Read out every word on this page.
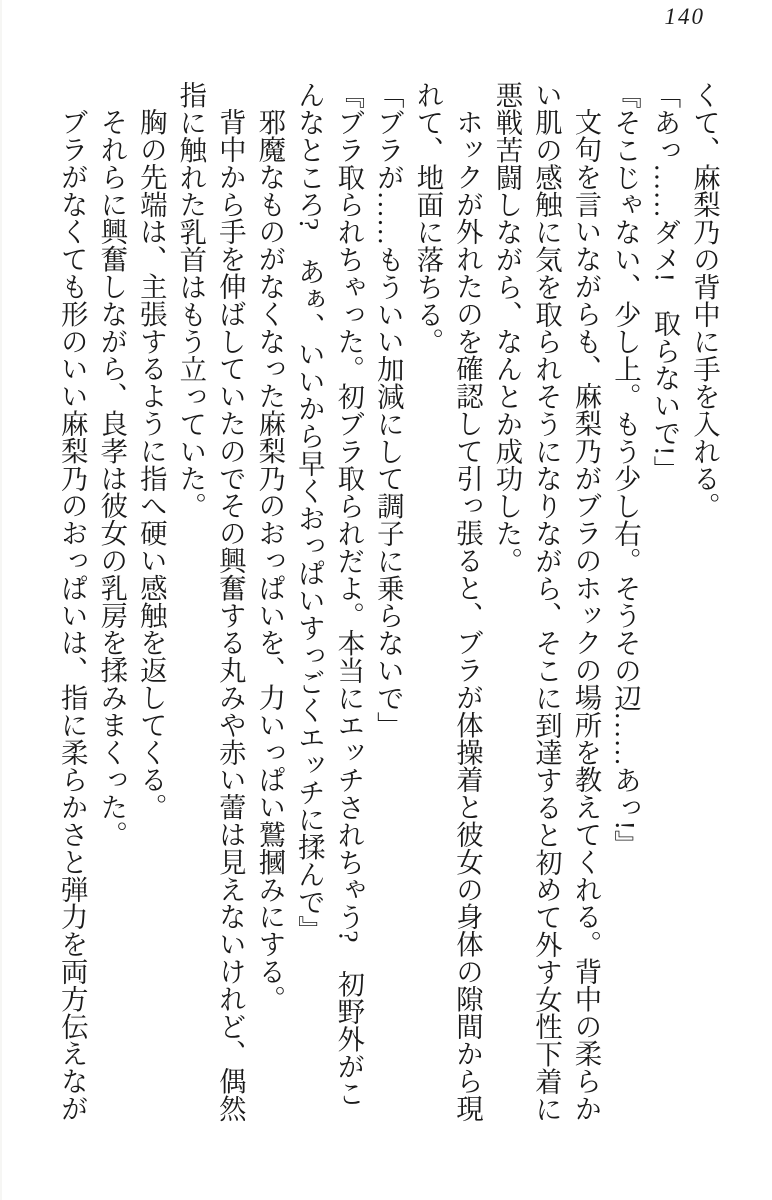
140

くて、麻梨乃の背中に手を入れる。

「あっ……ダメ!　取らないで!」

『そこじゃない、少し上。もう少し右。そうその辺……あっ!』

文句を言いながらも、麻梨乃がブラのホックの場所を教えてくれる。背中の柔らかい肌の感触に気を取られそうになりながら、そこに到達すると初めて外す女性下着に悪戦苦闘しながら、なんとか成功した。

ホックが外れたのを確認して引っ張ると、ブラが体操着と彼女の身体の隙間から現れて、地面に落ちる。

「ブラが……もういい加減にして調子に乗らないで」

『ブラ取られちゃった。初ブラ取られだよ。本当にエッチされちゃう?　初野外がこんなところ?　あぁ、いいから早くおっぱいすっごくエッチに揉んで』

邪魔なものがなくなった麻梨乃のおっぱいを、力いっぱい鷲摑みにする。

背中から手を伸ばしていたのでその興奮する丸みや赤い蕾は見えないけれど、偶然指に触れた乳首はもう立っていた。

胸の先端は、主張するように指へ硬い感触を返してくる。

それらに興奮しながら、良孝は彼女の乳房を揉みまくった。

ブラがなくても形のいい麻梨乃のおっぱいは、指に柔らかさと弾力を両方伝えなが
